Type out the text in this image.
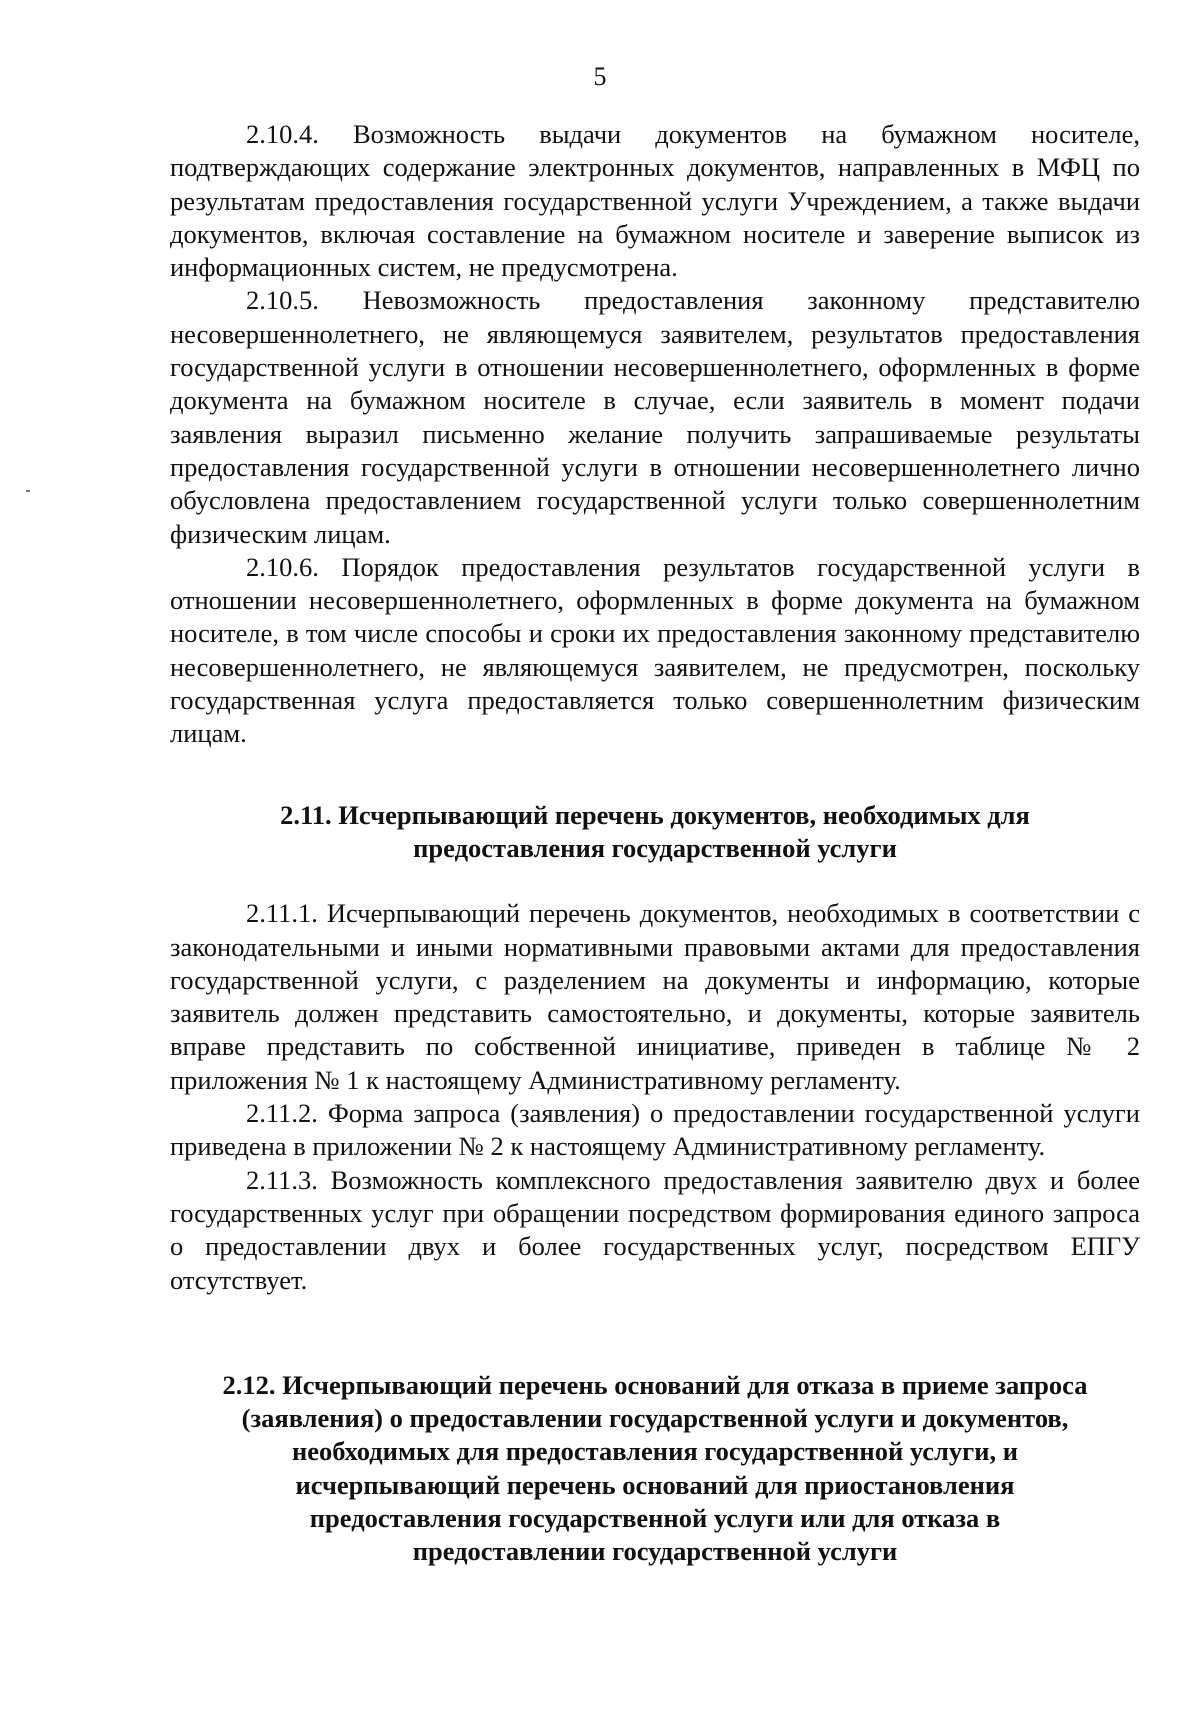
5

2.10.4. Возможность выдачи документов на бумажном носителе, подтверждающих содержание электронных документов, направленных в МФЦ по результатам предоставления государственной услуги Учреждением, а также выдачи документов, включая составление на бумажном носителе и заверение выписок из информационных систем, не предусмотрена.

2.10.5. Невозможность предоставления законному представителю несовершеннолетнего, не являющемуся заявителем, результатов предоставления государственной услуги в отношении несовершеннолетнего, оформленных в форме документа на бумажном носителе в случае, если заявитель в момент подачи заявления выразил письменно желание получить запрашиваемые результаты предоставления государственной услуги в отношении несовершеннолетнего лично обусловлена предоставлением государственной услуги только совершеннолетним физическим лицам.

2.10.6. Порядок предоставления результатов государственной услуги в отношении несовершеннолетнего, оформленных в форме документа на бумажном носителе, в том числе способы и сроки их предоставления законному представителю несовершеннолетнего, не являющемуся заявителем, не предусмотрен, поскольку государственная услуга предоставляется только совершеннолетним физическим лицам.

2.11. Исчерпывающий перечень документов, необходимых для
предоставления государственной услуги

2.11.1. Исчерпывающий перечень документов, необходимых в соответствии с законодательными и иными нормативными правовыми актами для предоставления государственной услуги, с разделением на документы и информацию, которые заявитель должен представить самостоятельно, и документы, которые заявитель вправе представить по собственной инициативе, приведен в таблице № 2 приложения № 1 к настоящему Административному регламенту.

2.11.2. Форма запроса (заявления) о предоставлении государственной услуги приведена в приложении № 2 к настоящему Административному регламенту.

2.11.3. Возможность комплексного предоставления заявителю двух и более государственных услуг при обращении посредством формирования единого запроса о предоставлении двух и более государственных услуг, посредством ЕПГУ отсутствует.

2.12. Исчерпывающий перечень оснований для отказа в приеме запроса
(заявления) о предоставлении государственной услуги и документов,
необходимых для предоставления государственной услуги, и
исчерпывающий перечень оснований для приостановления
предоставления государственной услуги или для отказа в
предоставлении государственной услуги
